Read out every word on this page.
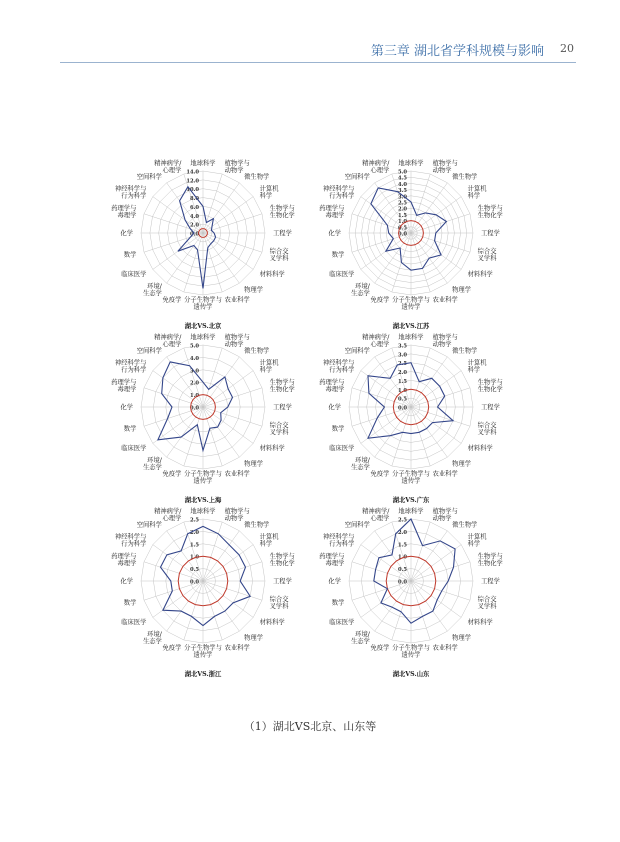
第三章 湖北省学科规模与影响 20
0.0
2.0
4.0
6.0
8.0
10.0
12.0
14.0
地球科学 植物学与动物学
微生物学
计算机科学
生物学与生物化学
工程学
综合交叉学科
材料科学
物理学
农业科学
分子生物学与遗传学
免疫学
环境/生态学
临床医学
数学
化学
药理学与毒理学
神经科学与行为科学
空间科学
精神病学/心理学
湖北VS.北京
0.0
0.5
1.0
1.5
2.0
2.5
3.0
3.5
4.0
4.5
5.0
地球科学 植物学与动物学
微生物学
计算机科学
生物学与生物化学
工程学
综合交叉学科
材料科学
物理学
农业科学
分子生物学与遗传学
免疫学
环境/生态学
临床医学
数学
化学
药理学与毒理学
神经科学与行为科学
空间科学
精神病学/心理学
湖北VS.江苏
0.0
1.0
2.0
3.0
4.0
5.0
地球科学 植物学与动物学
微生物学
计算机科学
生物学与生物化学
工程学
综合交叉学科
材料科学
物理学
农业科学
分子生物学与遗传学
免疫学
环境/生态学
临床医学
数学
化学
药理学与毒理学
神经科学与行为科学
空间科学
精神病学/心理学
湖北VS.上海
0.0
0.5
1.0
1.5
2.0
2.5
3.0
3.5
地球科学 植物学与动物学
微生物学
计算机科学
生物学与生物化学
工程学
综合交叉学科
材料科学
物理学
农业科学
分子生物学与遗传学
免疫学
环境/生态学
临床医学
数学
化学
药理学与毒理学
神经科学与行为科学
空间科学
精神病学/心理学
湖北VS.广东
0.0
0.5
1.0
1.5
2.0
2.5
地球科学 植物学与动物学
微生物学
计算机科学
生物学与生物化学
工程学
综合交叉学科
材料科学
物理学
农业科学
分子生物学与遗传学
免疫学
环境/生态学
临床医学
数学
化学
药理学与毒理学
神经科学与行为科学
空间科学
精神病学/心理学
湖北VS.浙江
0.0
0.5
1.0
1.5
2.0
2.5
地球科学 植物学与动物学
微生物学
计算机科学
生物学与生物化学
工程学
综合交叉学科
材料科学
物理学
农业科学
分子生物学与遗传学
免疫学
环境/生态学
临床医学
数学
化学
药理学与毒理学
神经科学与行为科学
空间科学
精神病学/心理学
湖北VS.山东
（1）湖北VS北京、山东等
